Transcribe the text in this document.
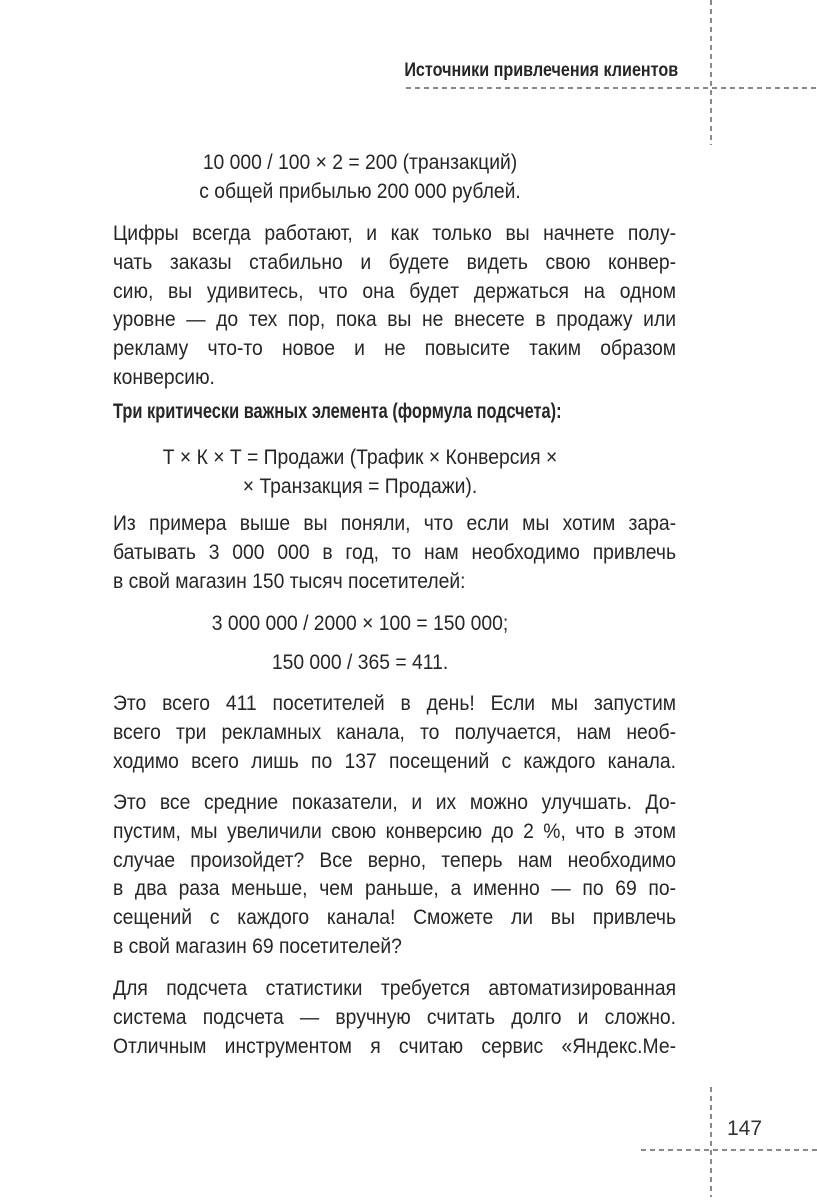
Источники привлечения клиентов
10 000 / 100 × 2 = 200 (транзакций)
с общей прибылью 200 000 рублей.
Цифры всегда работают, и как только вы начнете полу-
чать заказы стабильно и будете видеть свою конвер-
сию, вы удивитесь, что она будет держаться на одном
уровне — до тех пор, пока вы не внесете в продажу или
рекламу что-то новое и не повысите таким образом
конверсию.
Три критически важных элемента (формула подсчета):
Т × К × Т = Продажи (Трафик × Конверсия ×
× Транзакция = Продажи).
Из примера выше вы поняли, что если мы хотим зара-
батывать 3 000 000 в год, то нам необходимо привлечь
в свой магазин 150 тысяч посетителей:
3 000 000 / 2000 × 100 = 150 000;
150 000 / 365 = 411.
Это всего 411 посетителей в день! Если мы запустим
всего три рекламных канала, то получается, нам необ-
ходимо всего лишь по 137 посещений с каждого канала.
Это все средние показатели, и их можно улучшать. До-
пустим, мы увеличили свою конверсию до 2 %, что в этом
случае произойдет? Все верно, теперь нам необходимо
в два раза меньше, чем раньше, а именно — по 69 по-
сещений с каждого канала! Сможете ли вы привлечь
в свой магазин 69 посетителей?
Для подсчета статистики требуется автоматизированная
система подсчета — вручную считать долго и сложно.
Отличным инструментом я считаю сервис «Яндекс.Ме-
147
